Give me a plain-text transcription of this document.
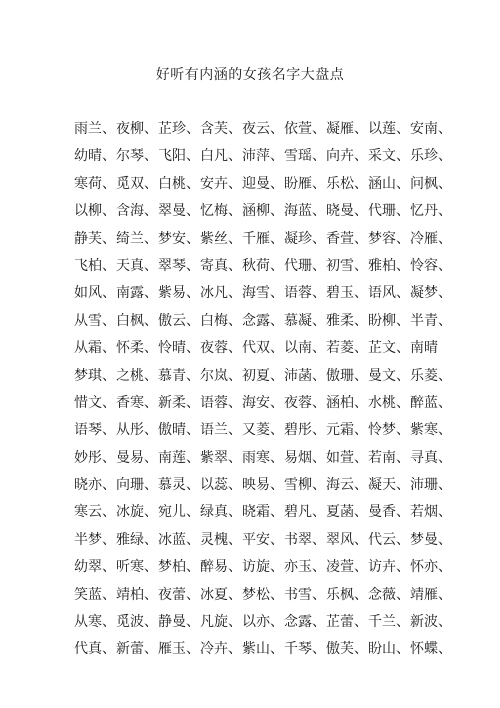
好听有内涵的女孩名字大盘点
雨兰、夜柳、芷珍、含芙、夜云、依萱、凝雁、以莲、安南、
幼晴、尔琴、飞阳、白凡、沛萍、雪瑶、向卉、采文、乐珍、
寒荷、觅双、白桃、安卉、迎曼、盼雁、乐松、涵山、问枫、
以柳、含海、翠曼、忆梅、涵柳、海蓝、晓曼、代珊、忆丹、
静芙、绮兰、梦安、紫丝、千雁、凝珍、香萱、梦容、冷雁、
飞柏、天真、翠琴、寄真、秋荷、代珊、初雪、雅柏、怜容、
如风、南露、紫易、冰凡、海雪、语蓉、碧玉、语风、凝梦、
从雪、白枫、傲云、白梅、念露、慕凝、雅柔、盼柳、半青、
从霜、怀柔、怜晴、夜蓉、代双、以南、若菱、芷文、南晴
梦琪、之桃、慕青、尔岚、初夏、沛菡、傲珊、曼文、乐菱、
惜文、香寒、新柔、语蓉、海安、夜蓉、涵柏、水桃、醉蓝、
语琴、从彤、傲晴、语兰、又菱、碧彤、元霜、怜梦、紫寒、
妙彤、曼易、南莲、紫翠、雨寒、易烟、如萱、若南、寻真、
晓亦、向珊、慕灵、以蕊、映易、雪柳、海云、凝天、沛珊、
寒云、冰旋、宛儿、绿真、晓霜、碧凡、夏菡、曼香、若烟、
半梦、雅绿、冰蓝、灵槐、平安、书翠、翠风、代云、梦曼、
幼翠、听寒、梦柏、醉易、访旋、亦玉、凌萱、访卉、怀亦、
笑蓝、靖柏、夜蕾、冰夏、梦松、书雪、乐枫、念薇、靖雁、
从寒、觅波、静曼、凡旋、以亦、念露、芷蕾、千兰、新波、
代真、新蕾、雁玉、冷卉、紫山、千琴、傲芙、盼山、怀蝶、
